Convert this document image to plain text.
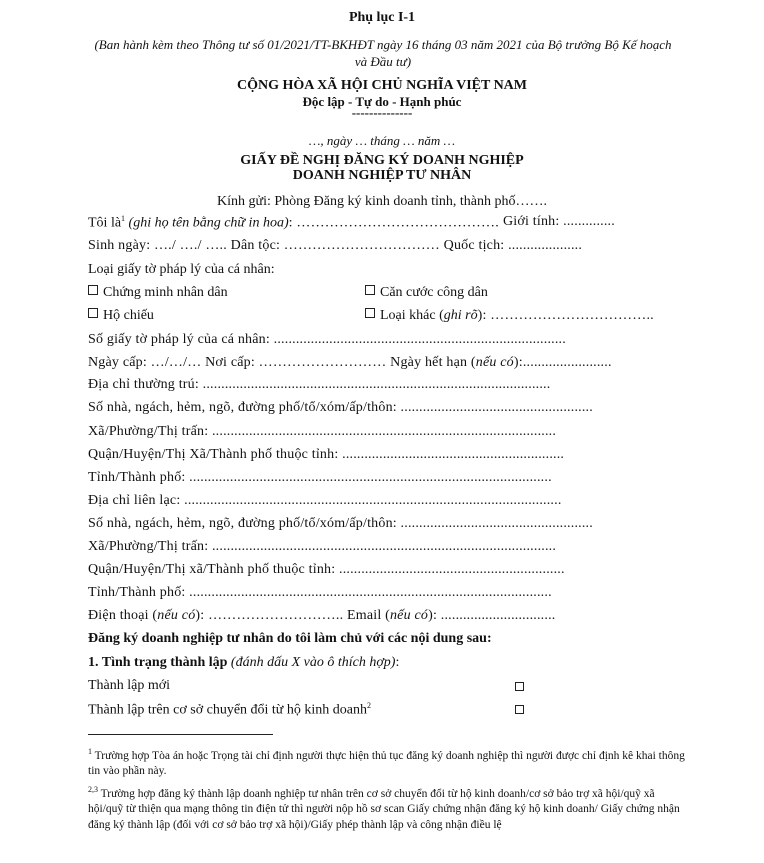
Phụ lục I-1
(Ban hành kèm theo Thông tư số 01/2021/TT-BKHĐT ngày 16 tháng 03 năm 2021 của Bộ trưởng Bộ Kế hoạch và Đầu tư)
CỘNG HÒA XÃ HỘI CHỦ NGHĨA VIỆT NAM
Độc lập - Tự do - Hạnh phúc
--------------
…, ngày … tháng … năm …
GIẤY ĐỀ NGHỊ ĐĂNG KÝ DOANH NGHIỆP
DOANH NGHIỆP TƯ NHÂN
Kính gửi: Phòng Đăng ký kinh doanh tỉnh, thành phố…….
Tôi $là^1$ (ghi họ tên bằng chữ in hoa): ……………………………………. Giới tính: ..............
Sinh ngày: …./ …./ ….. Dân tộc: …………………………… Quốc tịch: ....................
Loại giấy tờ pháp lý của cá nhân:
Chứng minh nhân dân	Căn cước công dân
Hộ chiếu	Loại khác (ghi rõ): ……………………………..
Số giấy tờ pháp lý của cá nhân: ...............................................................................
Ngày cấp: …/…/… Nơi cấp: ……………………… Ngày hết hạn (nếu có):........................
Địa chỉ thường trú: ..............................................................................................
Số nhà, ngách, hẻm, ngõ, đường phố/tổ/xóm/ấp/thôn: ....................................................
Xã/Phường/Thị trấn: .............................................................................................
Quận/Huyện/Thị Xã/Thành phố thuộc tỉnh: ............................................................
Tỉnh/Thành phố: ..................................................................................................
Địa chỉ liên lạc: ......................................................................................................
Số nhà, ngách, hẻm, ngõ, đường phố/tổ/xóm/ấp/thôn: ....................................................
Xã/Phường/Thị trấn: .............................................................................................
Quận/Huyện/Thị xã/Thành phố thuộc tỉnh: .............................................................
Tỉnh/Thành phố: ..................................................................................................
Điện thoại (nếu có): ……………………….. Email (nếu có): ...............................
Đăng ký doanh nghiệp tư nhân do tôi làm chủ với các nội dung sau:
1. Tình trạng thành lập (đánh dấu X vào ô thích hợp):
Thành lập mới
Thành lập trên cơ sở chuyển đổi từ hộ kinh doanh$^2$
$^1$ Trường hợp Tòa án hoặc Trọng tài chỉ định người thực hiện thủ tục đăng ký doanh nghiệp thì người được chỉ định kê khai thông tin vào phần này.
$^{2,3}$ Trường hợp đăng ký thành lập doanh nghiệp tư nhân trên cơ sở chuyển đổi từ hộ kinh doanh/cơ sở bảo trợ xã hội/quỹ xã hội/quỹ từ thiện qua mạng thông tin điện tử thì người nộp hồ sơ scan Giấy chứng nhận đăng ký hộ kinh doanh/ Giấy chứng nhận đăng ký thành lập (đối với cơ sở bảo trợ xã hội)/Giấy phép thành lập và công nhận điều lệ
